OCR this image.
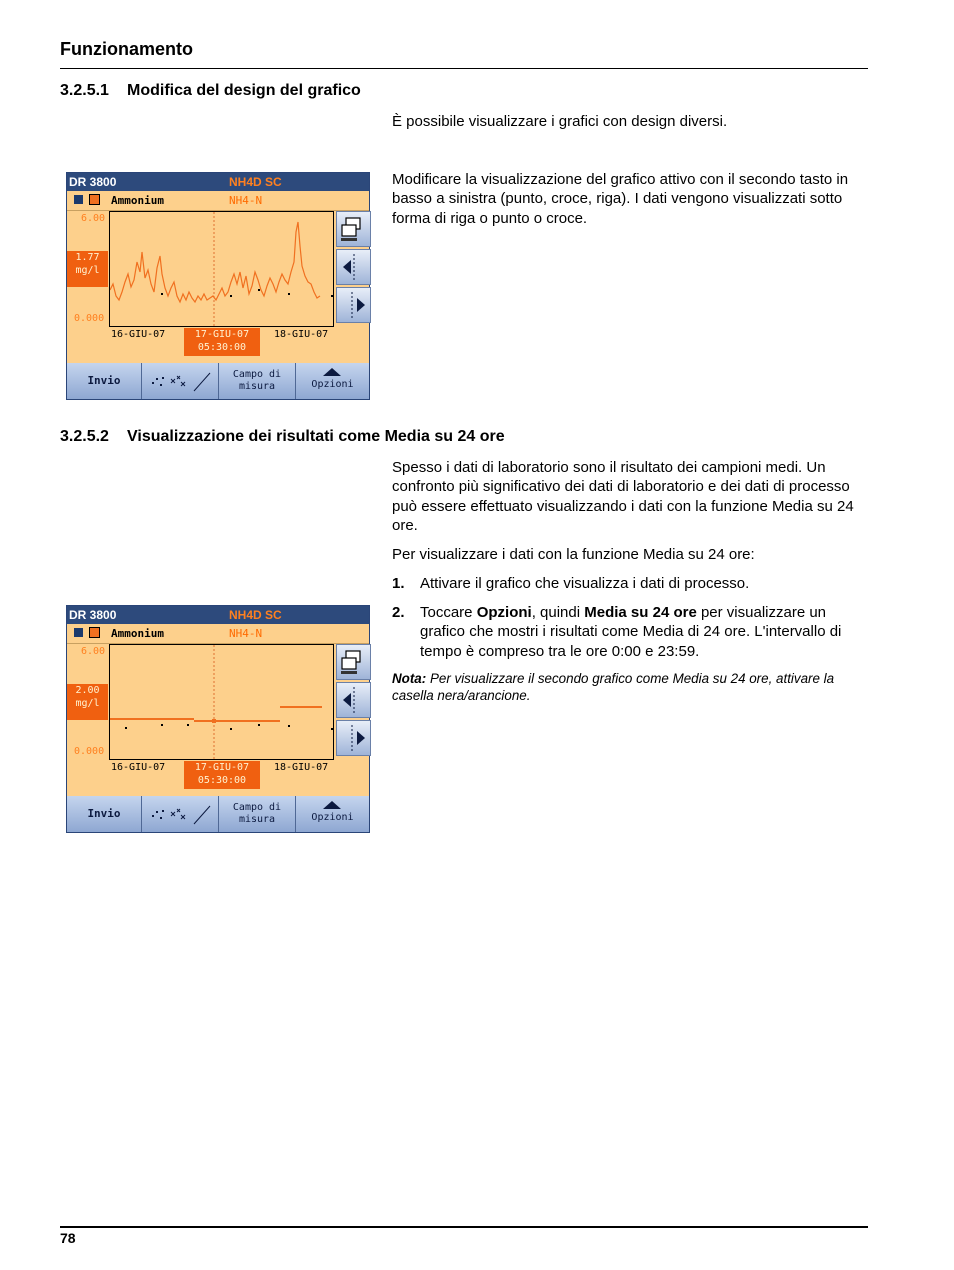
Funzionamento
3.2.5.1 Modifica del design del grafico
È possibile visualizzare i grafici con design diversi.
Modificare la visualizzazione del grafico attivo con il secondo tasto in basso a sinistra (punto, croce, riga). I dati vengono visualizzati sotto forma di riga o punto o croce.
DR 3800	NH4D SC
Ammonium	NH4-N
6.00
1.77
mg/l
0.000
16-GIU-07	17-GIU-07
05:30:00
18-GIU-07
Invio	Campo di
misura	Opzioni
3.2.5.2 Visualizzazione dei risultati come Media su 24 ore
Spesso i dati di laboratorio sono il risultato dei campioni medi. Un confronto più significativo dei dati di laboratorio e dei dati di processo può essere effettuato visualizzando i dati con la funzione Media su 24 ore.
Per visualizzare i dati con la funzione Media su 24 ore:
1. Attivare il grafico che visualizza i dati di processo.
2. Toccare Opzioni, quindi Media su 24 ore per visualizzare un grafico che mostri i risultati come Media di 24 ore. L'intervallo di tempo è compreso tra le ore 0:00 e 23:59.
Nota: Per visualizzare il secondo grafico come Media su 24 ore, attivare la casella nera/arancione.
DR 3800	NH4D SC
Ammonium	NH4-N
6.00
2.00
mg/l
0.000
16-GIU-07	17-GIU-07
05:30:00
18-GIU-07
Invio	Campo di
misura	Opzioni
78
